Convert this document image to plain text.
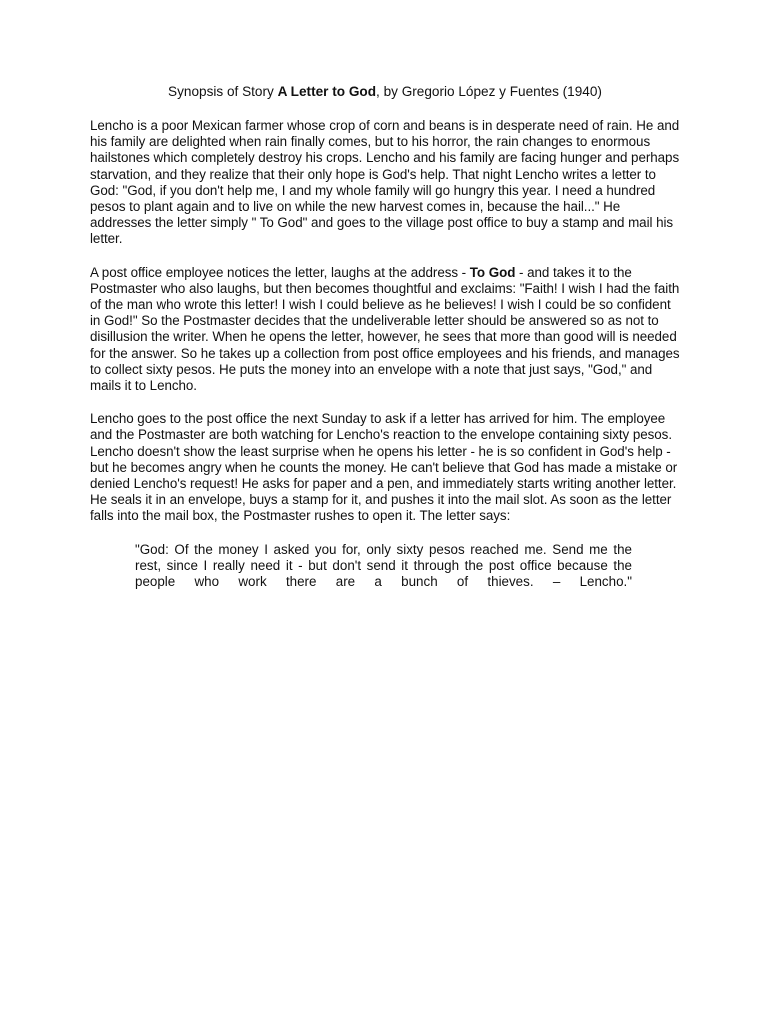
Synopsis of Story A Letter to God, by Gregorio López y Fuentes (1940)

Lencho is a poor Mexican farmer whose crop of corn and beans is in desperate need of rain. He and his family are delighted when rain finally comes, but to his horror, the rain changes to enormous hailstones which completely destroy his crops. Lencho and his family are facing hunger and perhaps starvation, and they realize that their only hope is God's help. That night Lencho writes a letter to God: "God, if you don't help me, I and my whole family will go hungry this year. I need a hundred pesos to plant again and to live on while the new harvest comes in, because the hail..." He addresses the letter simply " To God" and goes to the village post office to buy a stamp and mail his letter.

A post office employee notices the letter, laughs at the address - To God - and takes it to the Postmaster who also laughs, but then becomes thoughtful and exclaims: "Faith! I wish I had the faith of the man who wrote this letter! I wish I could believe as he believes! I wish I could be so confident in God!" So the Postmaster decides that the undeliverable letter should be answered so as not to disillusion the writer. When he opens the letter, however, he sees that more than good will is needed for the answer. So he takes up a collection from post office employees and his friends, and manages to collect sixty pesos. He puts the money into an envelope with a note that just says, "God," and mails it to Lencho.

Lencho goes to the post office the next Sunday to ask if a letter has arrived for him. The employee and the Postmaster are both watching for Lencho's reaction to the envelope containing sixty pesos. Lencho doesn't show the least surprise when he opens his letter - he is so confident in God's help - but he becomes angry when he counts the money. He can't believe that God has made a mistake or denied Lencho's request! He asks for paper and a pen, and immediately starts writing another letter. He seals it in an envelope, buys a stamp for it, and pushes it into the mail slot. As soon as the letter falls into the mail box, the Postmaster rushes to open it. The letter says:

"God: Of the money I asked you for, only sixty pesos reached me. Send me the rest, since I really need it - but don't send it through the post office because the people who work there are a bunch of thieves. – Lencho."
